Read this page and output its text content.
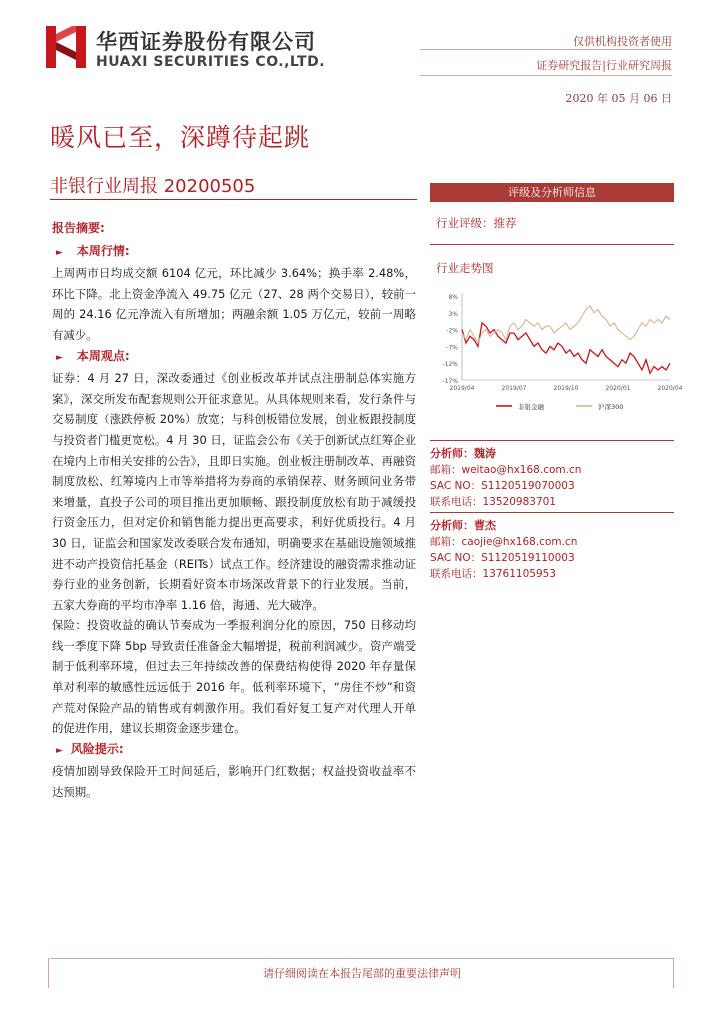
华西证券股份有限公司
HUAXI SECURITIES CO.,LTD.
仅供机构投资者使用
证券研究报告|行业研究周报
2020 年 05 月 06 日
暖风已至，深蹲待起跳
非银行业周报 20200505
报告摘要:
► 本周行情:

上周两市日均成交额 6104 亿元，环比减少 3.64%；换手率 2.48%，环比下降。北上资金净流入 49.75 亿元（27、28 两个交易日），较前一周的 24.16 亿元净流入有所增加；两融余额 1.05 万亿元，较前一周略有减少。

► 本周观点:

证券：4 月 27 日，深改委通过《创业板改革并试点注册制总体实施方案》，深交所发布配套规则公开征求意见。从具体规则来看，发行条件与交易制度（涨跌停板 20%）放宽；与科创板错位发展，创业板跟投制度与投资者门槛更宽松。4 月 30 日，证监会公布《关于创新试点红筹企业在境内上市相关安排的公告》，且即日实施。创业板注册制改革、再融资制度放松、红筹境内上市等举措将为券商的承销保荐、财务顾问业务带来增量，直投子公司的项目推出更加顺畅、跟投制度放松有助于减缓投行资金压力，但对定价和销售能力提出更高要求，利好优质投行。4 月 30 日，证监会和国家发改委联合发布通知，明确要求在基础设施领域推进不动产投资信托基金（REITs）试点工作。经济建设的融资需求推动证券行业的业务创新，长期看好资本市场深改背景下的行业发展。当前，五家大券商的平均市净率 1.16 倍，海通、光大破净。

保险：投资收益的确认节奏成为一季报利润分化的原因，750 日移动均线一季度下降 5bp 导致责任准备金大幅增提，税前利润减少。资产端受制于低利率环境，但过去三年持续改善的保费结构使得 2020 年存量保单对利率的敏感性远远低于 2016 年。低利率环境下，“房住不炒”和资产荒对保险产品的销售或有刺激作用。我们看好复工复产对代理人开单的促进作用，建议长期资金逐步建仓。

► 风险提示:

疫情加剧导致保险开工时间延后，影响开门红数据；权益投资收益率不达预期。

评级及分析师信息
行业评级：推荐
行业走势图
8%
3%
-2%
-7%
-12%
-17%
2019/04	2019/07	2019/10	2020/01	2020/04
非银金融	沪深300
分析师：魏涛
邮箱：weitao@hx168.com.cn
SAC NO：S1120519070003
联系电话：13520983701
分析师：曹杰
邮箱：caojie@hx168.com.cn
SAC NO：S1120519110003
联系电话：13761105953
请仔细阅读在本报告尾部的重要法律声明
